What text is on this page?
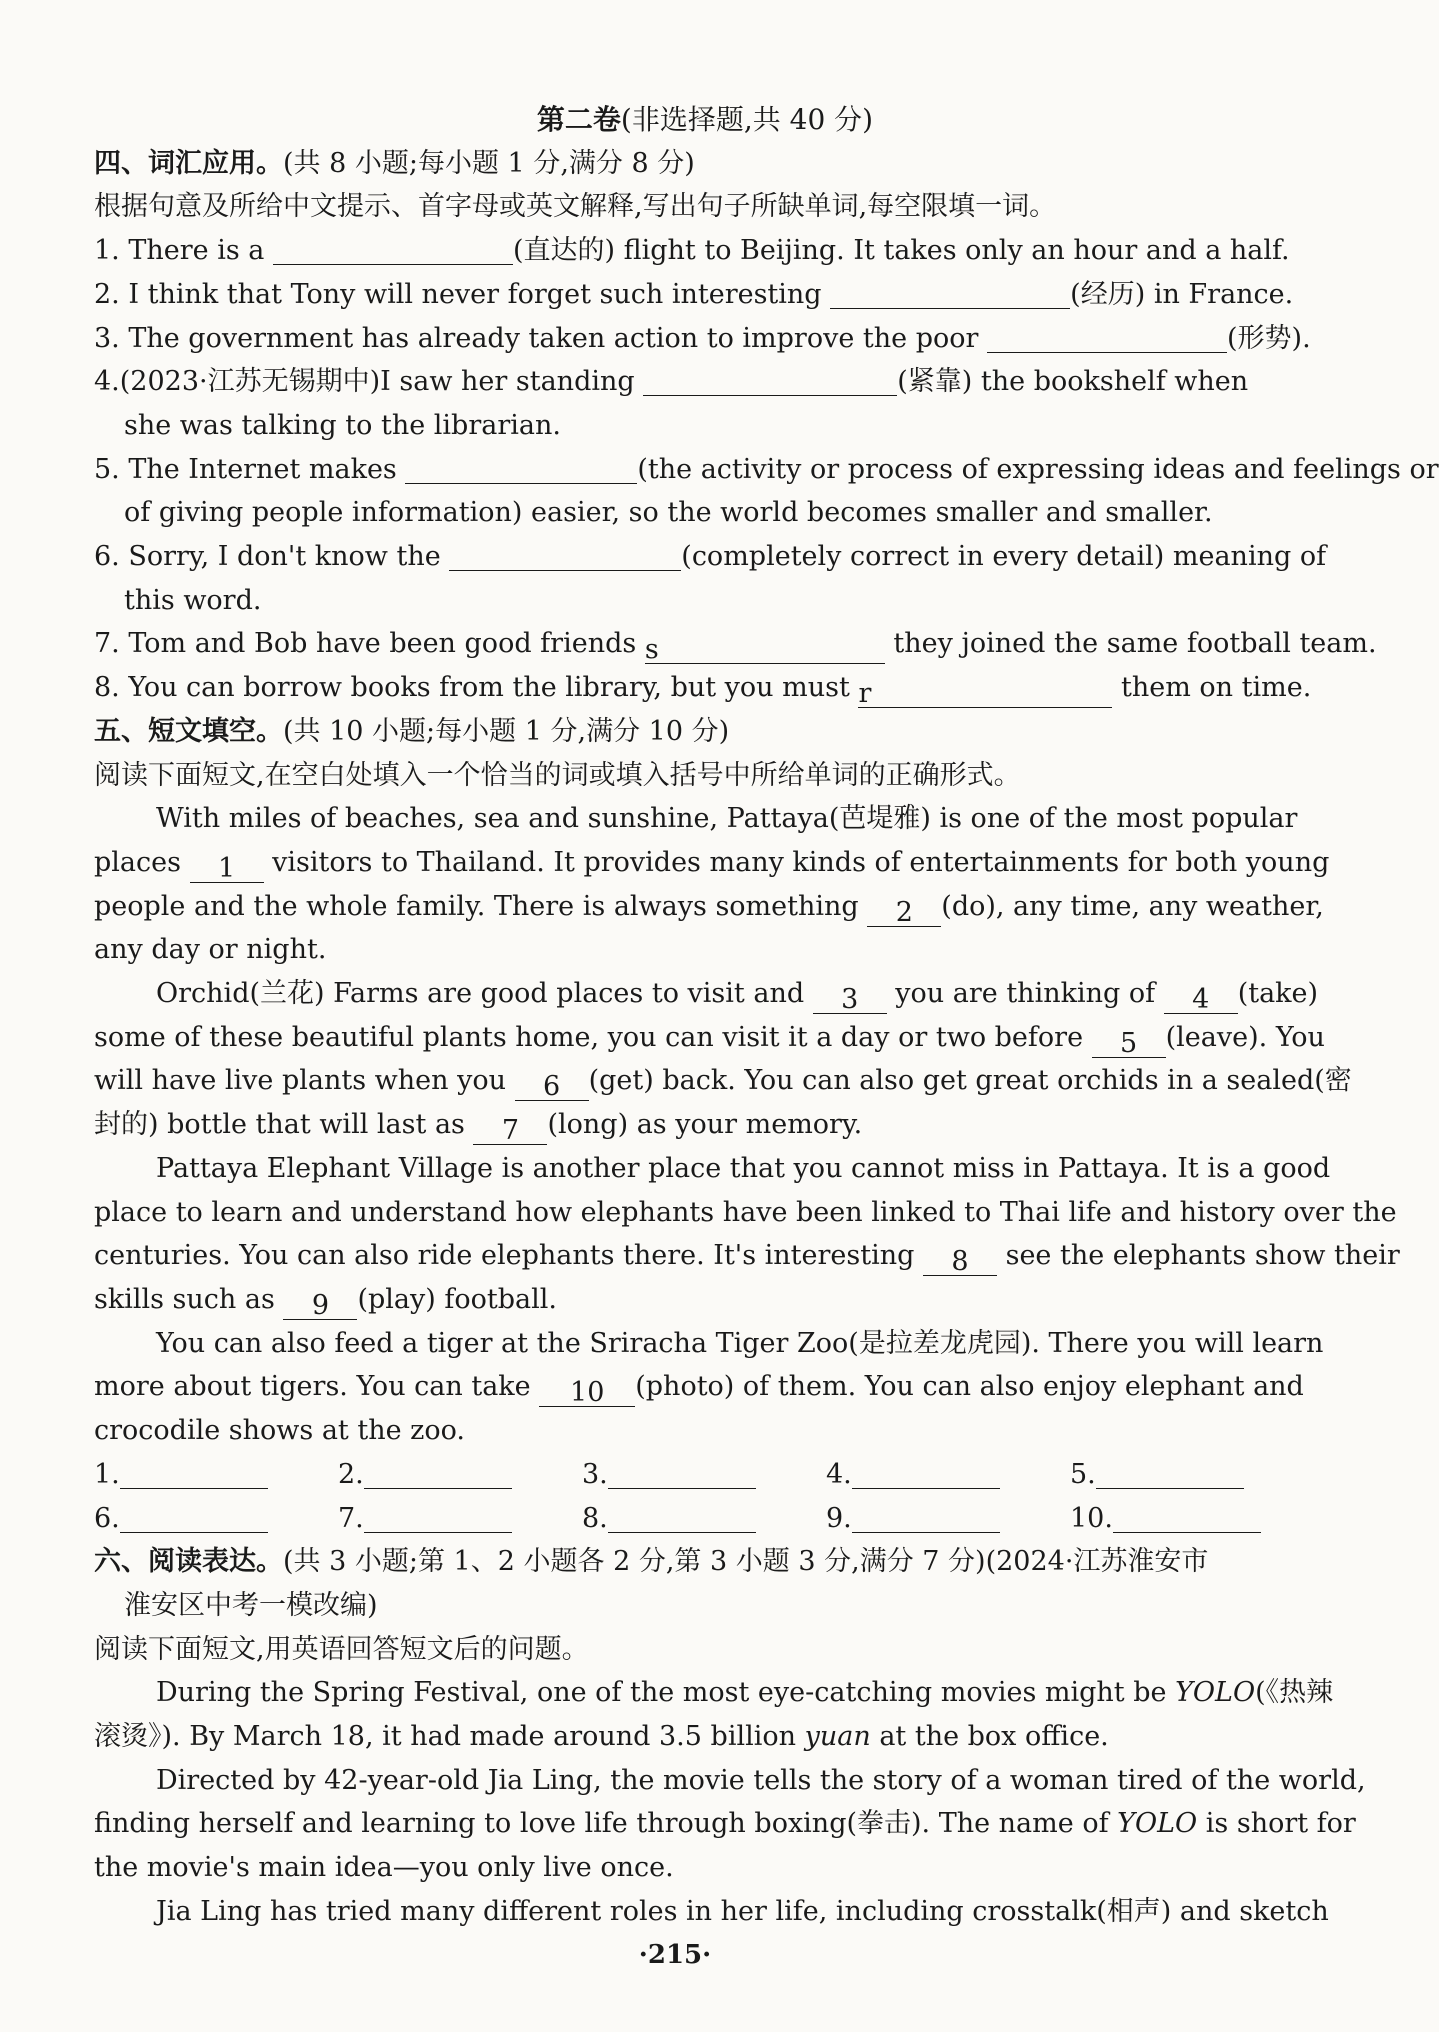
第二卷(非选择题,共 40 分)
四、词汇应用。(共 8 小题;每小题 1 分,满分 8 分)
根据句意及所给中文提示、首字母或英文解释,写出句子所缺单词,每空限填一词。
1. There is a	(直达的) flight to Beijing. It takes only an hour and a half.
2. I think that Tony will never forget such interesting	(经历) in France.
3. The government has already taken action to improve the poor	(形势).
4.(2023·江苏无锡期中)I saw her standing	(紧靠) the bookshelf when
she was talking to the librarian.
5. The Internet makes	(the activity or process of expressing ideas and feelings or
of giving people information) easier, so the world becomes smaller and smaller.
6. Sorry, I don't know the	(completely correct in every detail) meaning of
this word.
7. Tom and Bob have been good friends s	they joined the same football team.
8. You can borrow books from the library, but you must r	them on time.
五、短文填空。(共 10 小题;每小题 1 分,满分 10 分)
阅读下面短文,在空白处填入一个恰当的词或填入括号中所给单词的正确形式。
With miles of beaches, sea and sunshine, Pattaya(芭堤雅) is one of the most popular
places 1 visitors to Thailand. It provides many kinds of entertainments for both young
people and the whole family. There is always something 2 (do), any time, any weather,
any day or night.
Orchid(兰花) Farms are good places to visit and 3 you are thinking of 4 (take)
some of these beautiful plants home, you can visit it a day or two before 5 (leave). You
will have live plants when you 6 (get) back. You can also get great orchids in a sealed(密
封的) bottle that will last as 7 (long) as your memory.
Pattaya Elephant Village is another place that you cannot miss in Pattaya. It is a good
place to learn and understand how elephants have been linked to Thai life and history over the
centuries. You can also ride elephants there. It's interesting 8 see the elephants show their
skills such as 9 (play) football.
You can also feed a tiger at the Sriracha Tiger Zoo(是拉差龙虎园). There you will learn
more about tigers. You can take 10 (photo) of them. You can also enjoy elephant and
crocodile shows at the zoo.
1.	2.	3.	4.	5.
6.	7.	8.	9.	10.
六、阅读表达。(共 3 小题;第 1、2 小题各 2 分,第 3 小题 3 分,满分 7 分)(2024·江苏淮安市
淮安区中考一模改编)
阅读下面短文,用英语回答短文后的问题。
During the Spring Festival, one of the most eye-catching movies might be YOLO(《热辣
滚烫》). By March 18, it had made around 3.5 billion yuan at the box office.
Directed by 42-year-old Jia Ling, the movie tells the story of a woman tired of the world,
finding herself and learning to love life through boxing(拳击). The name of YOLO is short for
the movie's main idea—you only live once.
Jia Ling has tried many different roles in her life, including crosstalk(相声) and sketch
·215·
